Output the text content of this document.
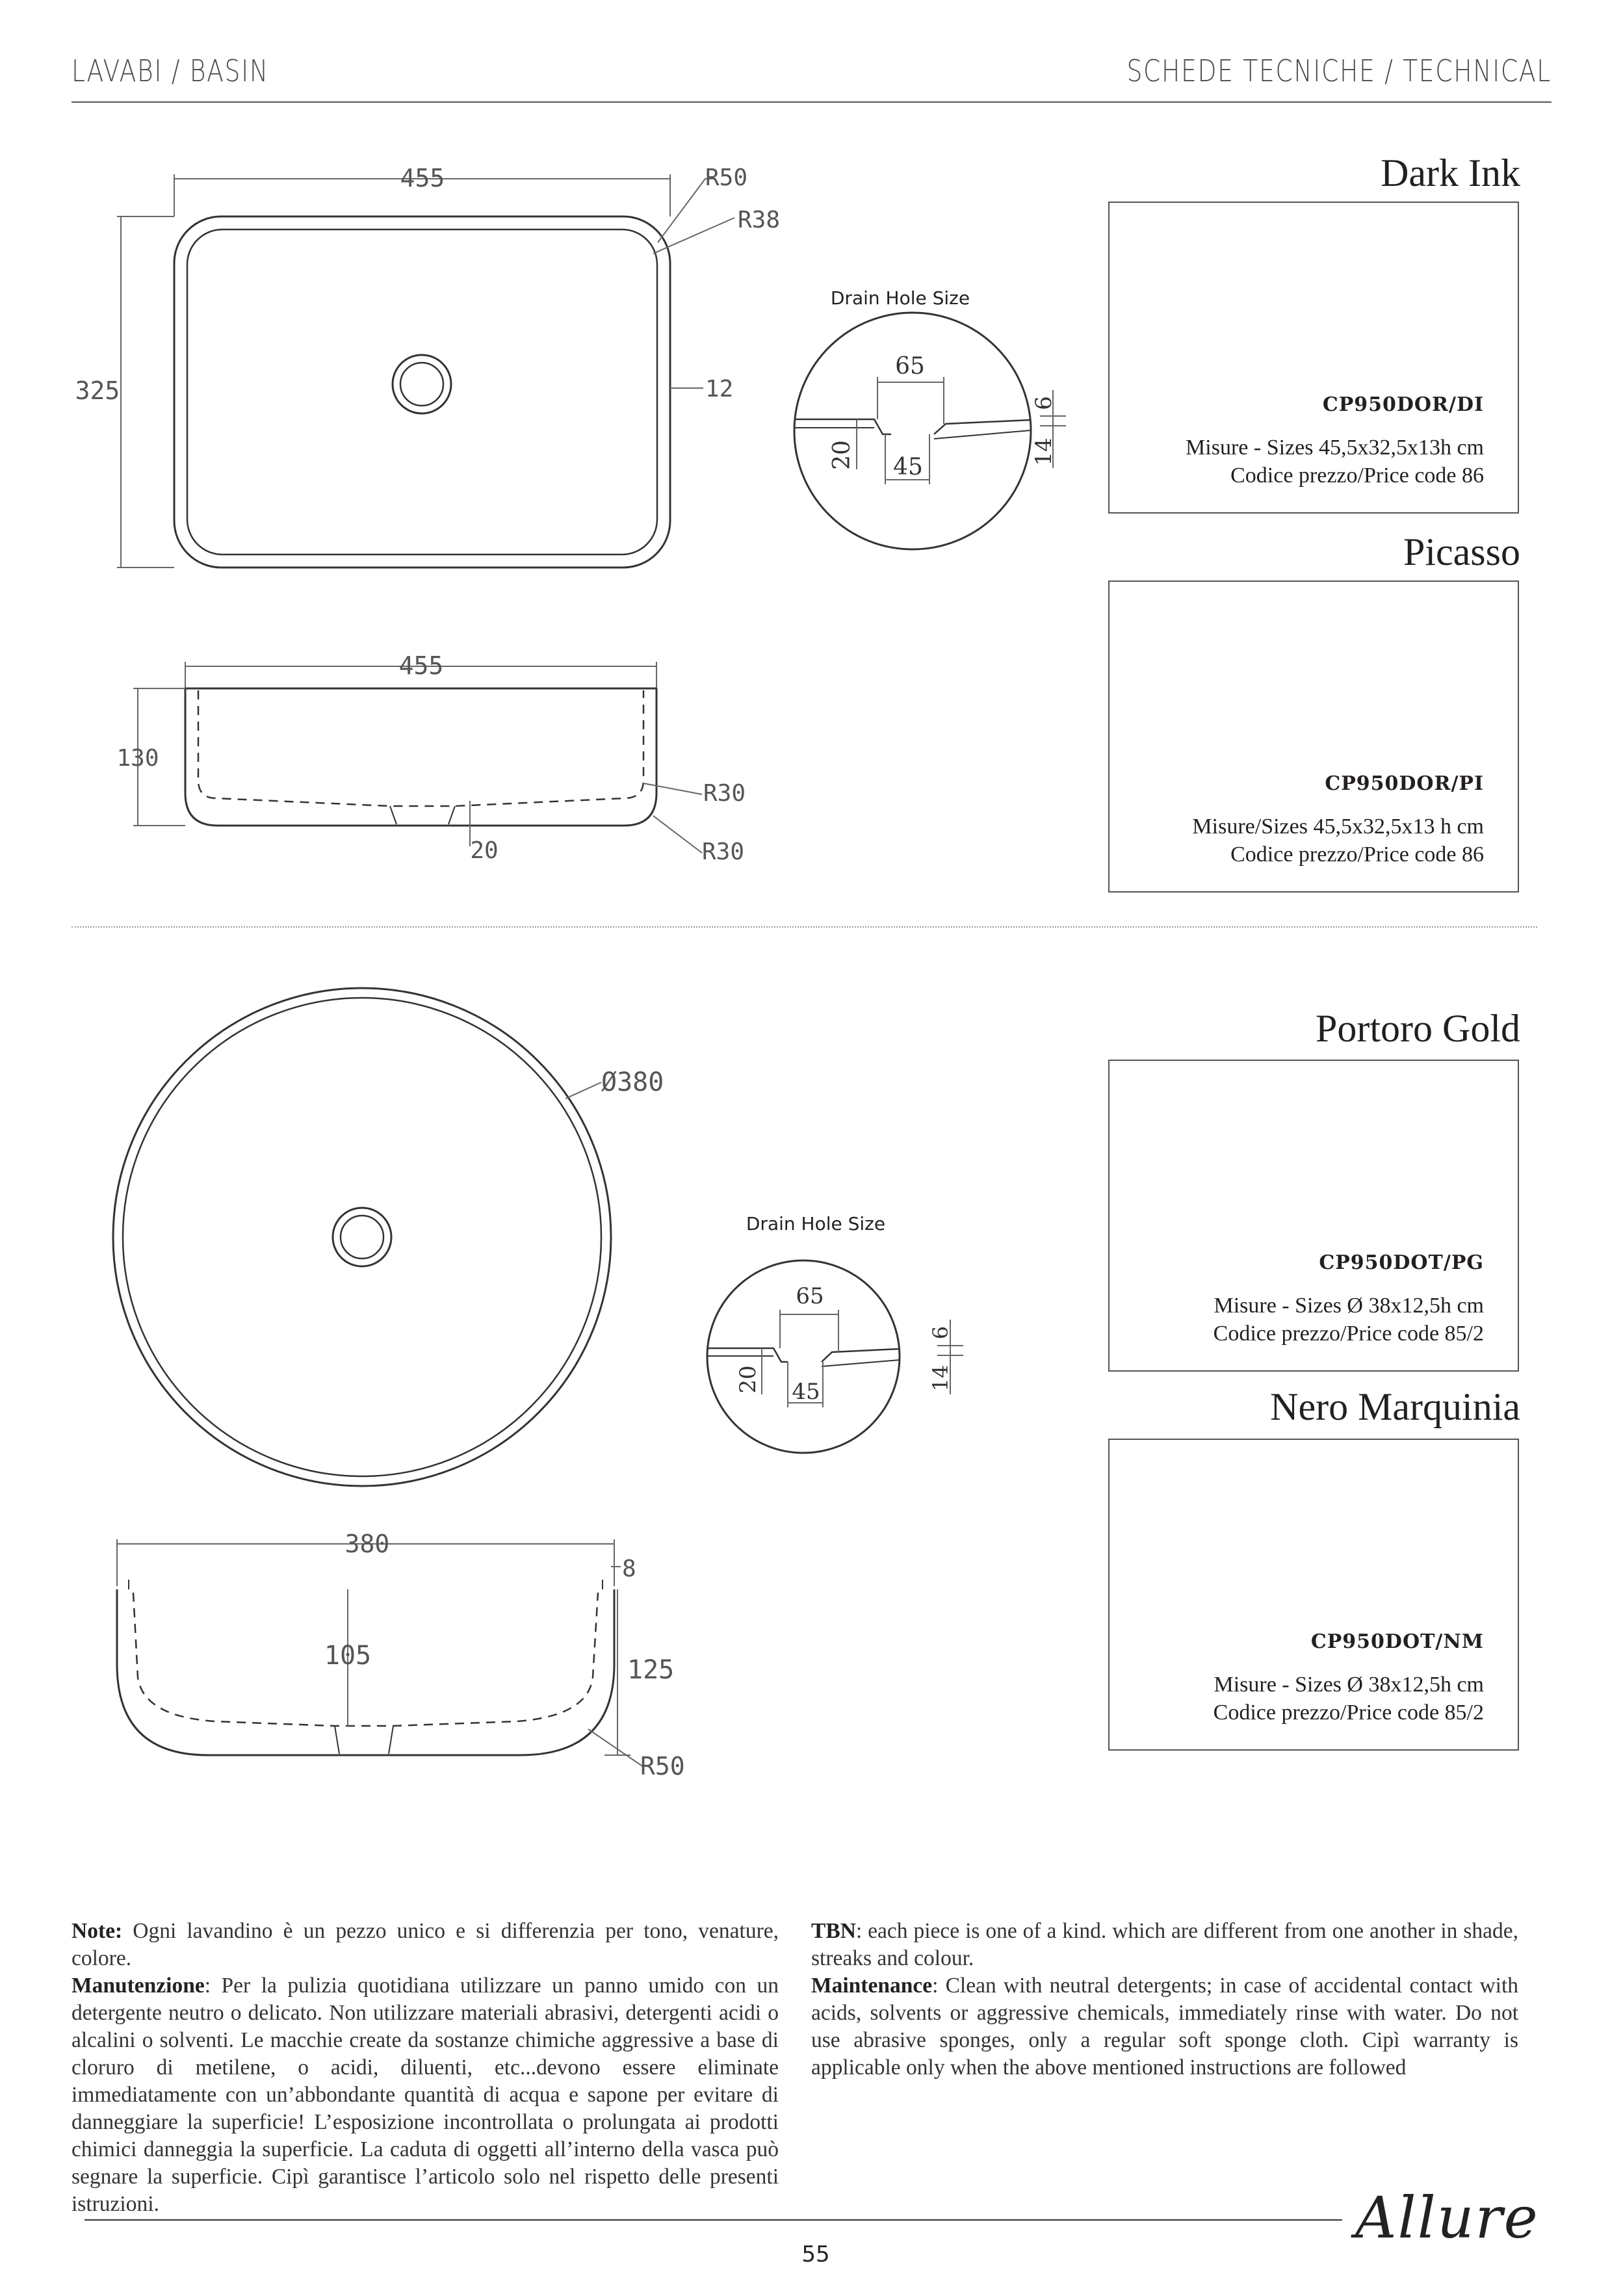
LAVABI / BASIN	SCHEDE TECNICHE / TECHNICAL
455
325
R50
R38
12
455
130
R30
R30
20
Drain Hole Size
65
45
20
6
14
Ø380
380
8
105	125
R50
Drain Hole Size
65
45
20
6
14
Dark Ink
CP950DOR/DI
Misure - Sizes 45,5x32,5x13h cm
Codice prezzo/Price code 86
Picasso
CP950DOR/PI
Misure/Sizes 45,5x32,5x13 h cm
Codice prezzo/Price code 86
Portoro Gold
CP950DOT/PG
Misure - Sizes Ø 38x12,5h cm
Codice prezzo/Price code 85/2
Nero Marquinia
CP950DOT/NM
Misure - Sizes Ø 38x12,5h cm
Codice prezzo/Price code 85/2
Note: Ogni lavandino è un pezzo unico e si differenzia per tono, venature, colore.
Manutenzione: Per la pulizia quotidiana utilizzare un panno umido con un detergente neutro o delicato. Non utilizzare materiali abrasivi, detergenti acidi o alcalini o solventi. Le macchie create da sostanze chimiche aggressive a base di cloruro di metilene, o acidi, diluenti, etc...devono essere eliminate immediatamente con un’abbondante quantità di acqua e sapone per evitare di danneggiare la superficie! L’esposizione incontrollata o prolungata ai prodotti chimici danneggia la superficie. La caduta di oggetti all’interno della vasca può segnare la superficie. Cipì garantisce l’articolo solo nel rispetto delle presenti istruzioni.
TBN: each piece is one of a kind. which are different from one another in shade, streaks and colour.
Maintenance: Clean with neutral detergents; in case of accidental contact with acids, solvents or aggressive chemicals, immediately rinse with water. Do not use abrasive sponges, only a regular soft sponge cloth. Cipì warranty is applicable only when the above mentioned instructions are followed
55
Allure
